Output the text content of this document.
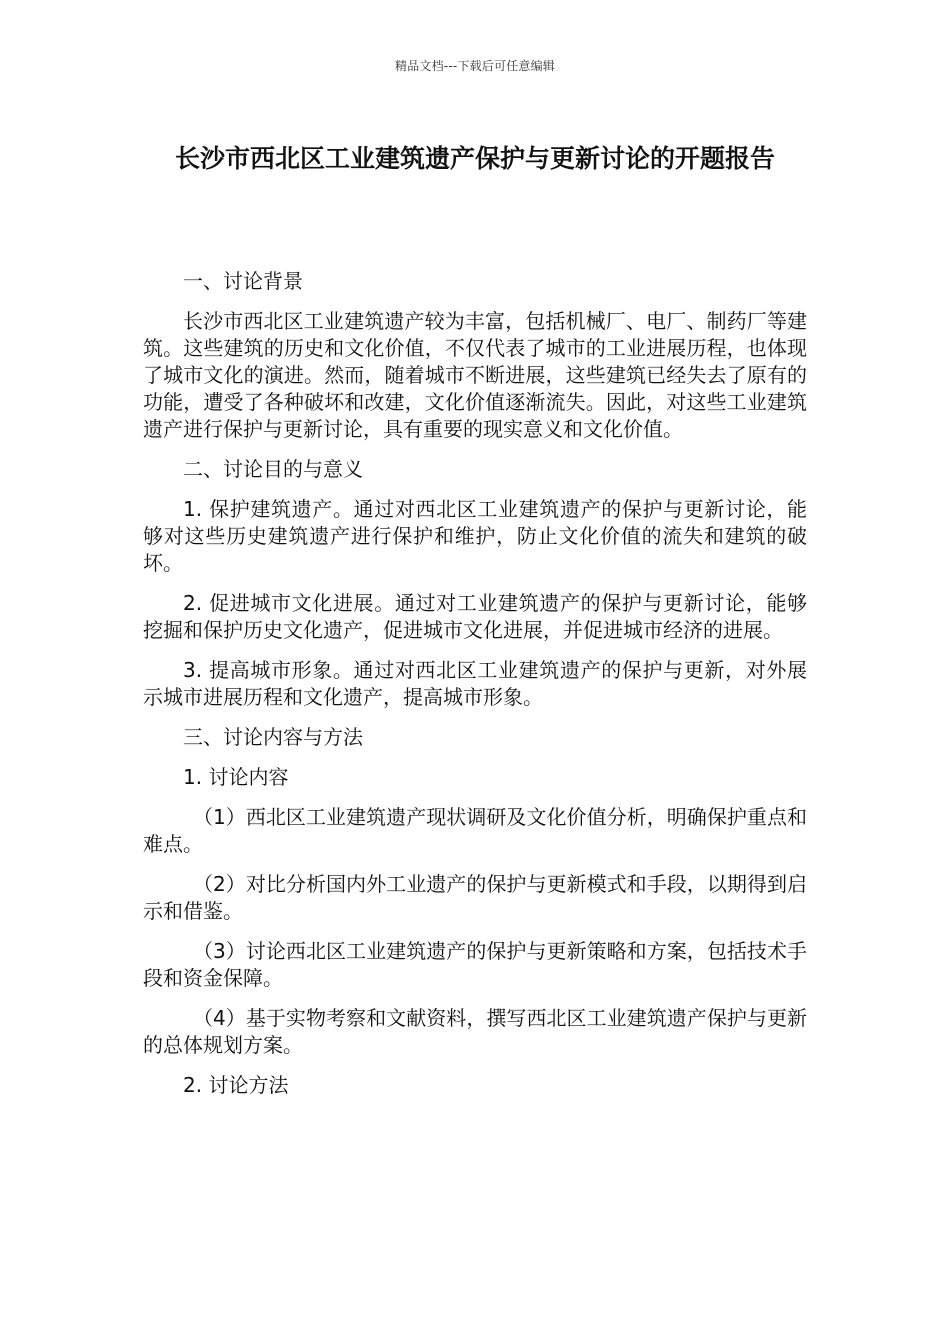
精品文档---下载后可任意编辑
长沙市西北区工业建筑遗产保护与更新讨论的开题报告

一、讨论背景

长沙市西北区工业建筑遗产较为丰富，包括机械厂、电厂、制药厂等建筑。这些建筑的历史和文化价值，不仅代表了城市的工业进展历程，也体现了城市文化的演进。然而，随着城市不断进展，这些建筑已经失去了原有的功能，遭受了各种破坏和改建，文化价值逐渐流失。因此，对这些工业建筑遗产进行保护与更新讨论，具有重要的现实意义和文化价值。

二、讨论目的与意义

1. 保护建筑遗产。通过对西北区工业建筑遗产的保护与更新讨论，能够对这些历史建筑遗产进行保护和维护，防止文化价值的流失和建筑的破坏。

2. 促进城市文化进展。通过对工业建筑遗产的保护与更新讨论，能够挖掘和保护历史文化遗产，促进城市文化进展，并促进城市经济的进展。

3. 提高城市形象。通过对西北区工业建筑遗产的保护与更新，对外展示城市进展历程和文化遗产，提高城市形象。

三、讨论内容与方法

1. 讨论内容

（1）西北区工业建筑遗产现状调研及文化价值分析，明确保护重点和难点。

（2）对比分析国内外工业遗产的保护与更新模式和手段，以期得到启示和借鉴。

（3）讨论西北区工业建筑遗产的保护与更新策略和方案，包括技术手段和资金保障。

（4）基于实物考察和文献资料，撰写西北区工业建筑遗产保护与更新的总体规划方案。

2. 讨论方法
